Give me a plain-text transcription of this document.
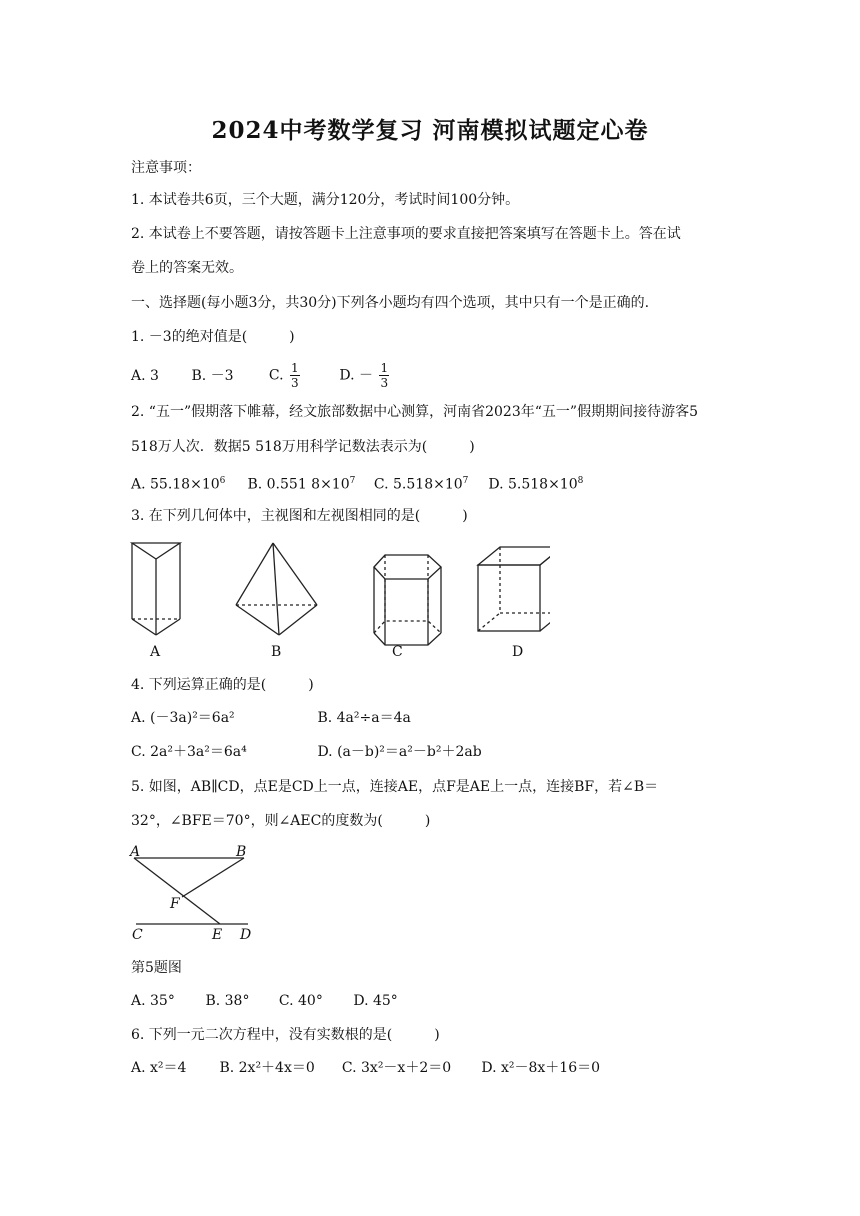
2024中考数学复习 河南模拟试题定心卷
注意事项：
1. 本试卷共6页，三个大题，满分120分，考试时间100分钟。
2. 本试卷上不要答题，请按答题卡上注意事项的要求直接把答案填写在答题卡上。答在试
卷上的答案无效。
一、选择题(每小题3分，共30分)下列各小题均有四个选项，其中只有一个是正确的.
1. －3的绝对值是(　　　)
A. 3 B. －3	C. $\frac{1}{3}$	D. － $\frac{1}{3}$
2. “五一”假期落下帷幕，经文旅部数据中心测算，河南省2023年“五一”假期期间接待游客5
518万人次．数据5 518万用科学记数法表示为(　　　)
A. $55.18\times 10^6$ B. 0.551 $8\times 10^7$ C. $5.518\times 10^7$ D. $5.518\times 10^8$
3. 在下列几何体中，主视图和左视图相同的是(　　　)
A	B	C	D
4. 下列运算正确的是(　　　)
A. (－3a)²＝6a²	B. 4a²÷a＝4a
C. 2a²＋3a²＝6a⁴	D. (a－b)²＝a²－b²＋2ab
5. 如图，AB∥CD，点E是CD上一点，连接AE，点F是AE上一点，连接BF，若∠B＝
32°，∠BFE＝70°，则∠AEC的度数为(　　　)
A	B
F
C	E D
第5题图
A. 35° B. 38° C. 40° D. 45°
6. 下列一元二次方程中，没有实数根的是(　　　)
A. x²＝4 B. 2x²＋4x＝0 C. 3x²－x＋2＝0 D. x²－8x＋16＝0
